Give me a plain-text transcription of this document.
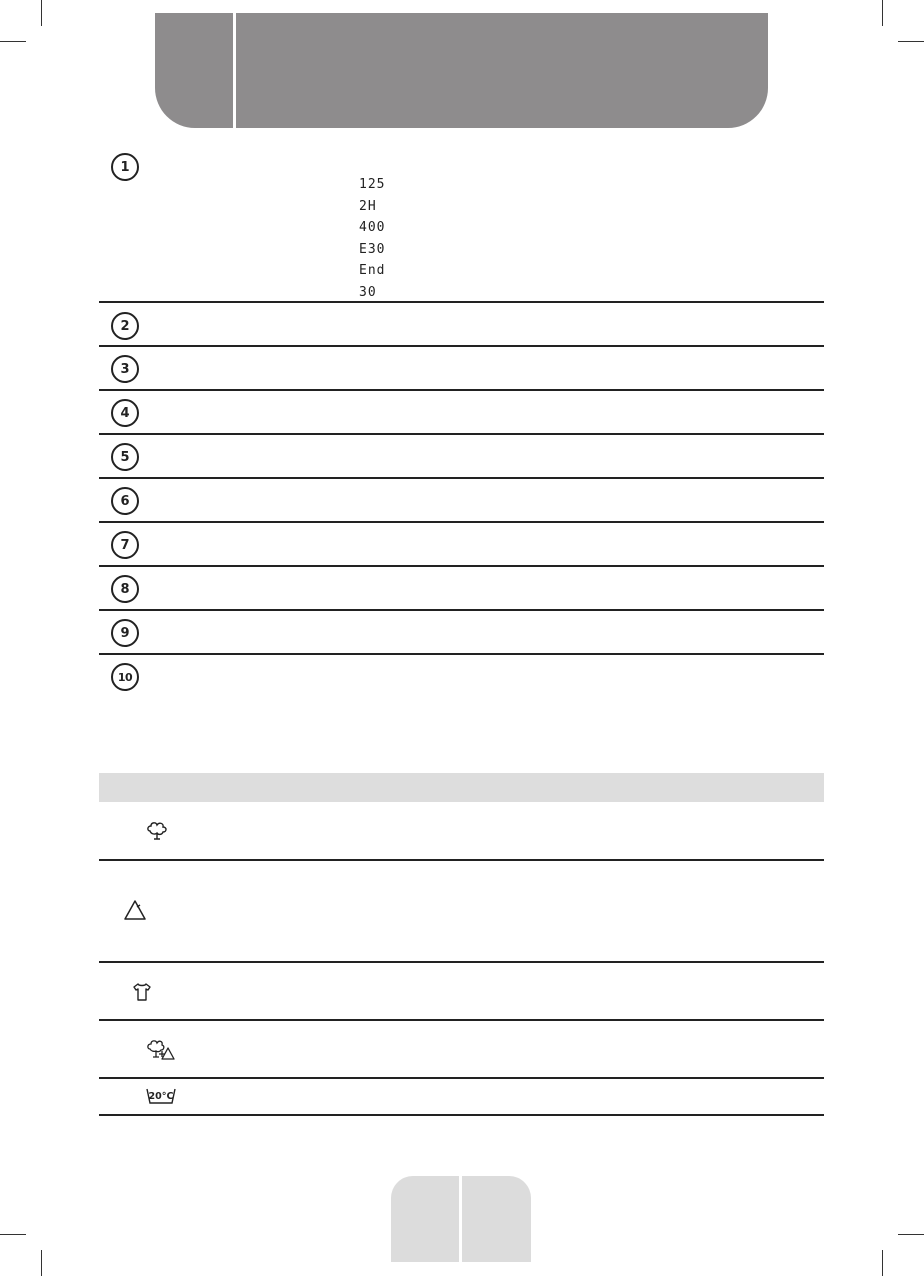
1
125
2H
400
E30
End
30
2
3
4
5
6
7
8
9
10
20°C
